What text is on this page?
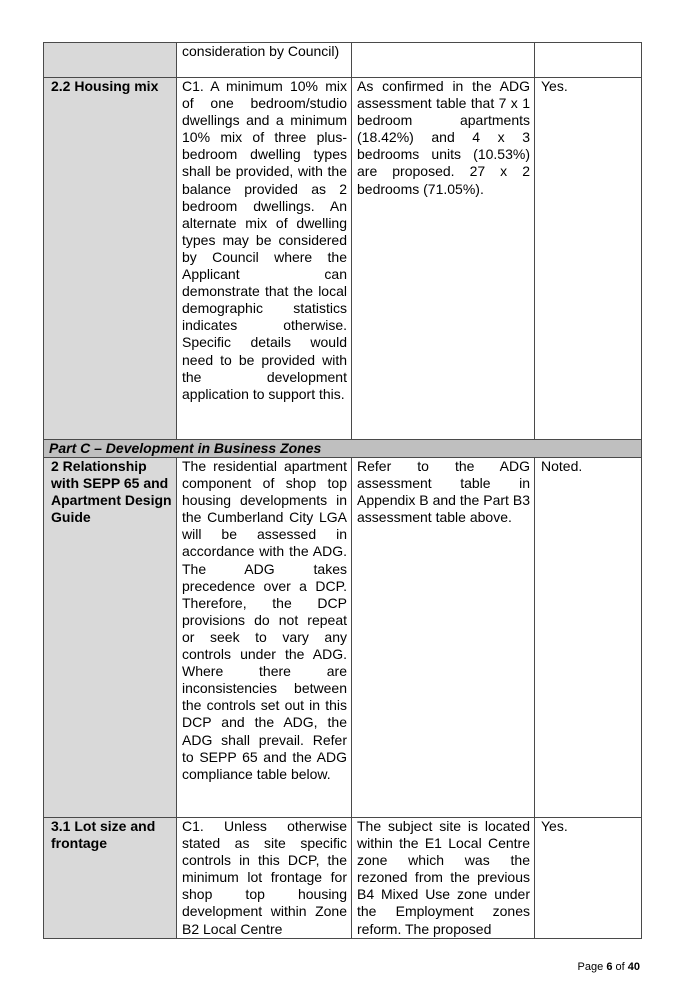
	consideration by Council)		

2.2 Housing mix	C1. A minimum 10% mix of one bedroom/studio dwellings and a minimum 10% mix of three plus-bedroom dwelling types shall be provided, with the balance provided as 2 bedroom dwellings. An alternate mix of dwelling types may be considered by Council where the Applicant can demonstrate that the local demographic statistics indicates otherwise. Specific details would need to be provided with the development application to support this.	As confirmed in the ADG assessment table that 7 x 1 bedroom apartments (18.42%) and 4 x 3 bedrooms units (10.53%) are proposed. 27 x 2 bedrooms (71.05%).	Yes.
Part C – Development in Business Zones			
2 Relationship with SEPP 65 and Apartment Design Guide	The residential apartment component of shop top housing developments in the Cumberland City LGA will be assessed in accordance with the ADG. The ADG takes precedence over a DCP. Therefore, the DCP provisions do not repeat or seek to vary any controls under the ADG. Where there are inconsistencies between the controls set out in this DCP and the ADG, the ADG shall prevail. Refer to SEPP 65 and the ADG compliance table below.	Refer to the ADG assessment table in Appendix B and the Part B3 assessment table above.	Noted.
3.1 Lot size and frontage	C1. Unless otherwise stated as site specific controls in this DCP, the minimum lot frontage for shop top housing development within Zone B2 Local Centre	The subject site is located within the E1 Local Centre zone which was the rezoned from the previous B4 Mixed Use zone under the Employment zones reform. The proposed	Yes.
Page 6 of 40
